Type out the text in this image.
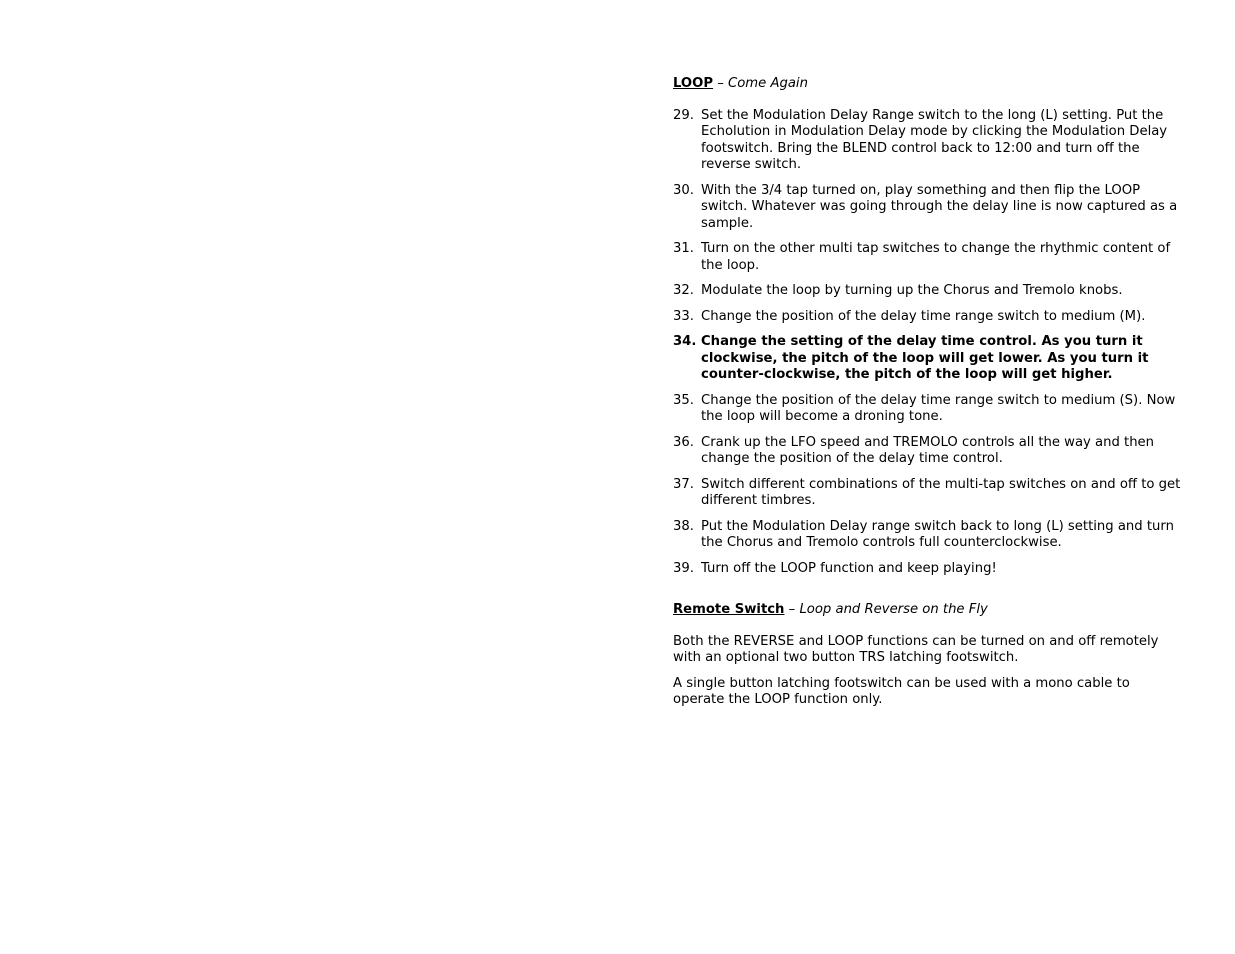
LOOP – Come Again
29. Set the Modulation Delay Range switch to the long (L) setting. Put the Echolution in Modulation Delay mode by clicking the Modulation Delay footswitch. Bring the BLEND control back to 12:00 and turn off the reverse switch.
30. With the 3/4 tap turned on, play something and then flip the LOOP switch. Whatever was going through the delay line is now captured as a sample.
31. Turn on the other multi tap switches to change the rhythmic content of the loop.
32. Modulate the loop by turning up the Chorus and Tremolo knobs.
33. Change the position of the delay time range switch to medium (M).
34. Change the setting of the delay time control. As you turn it clockwise, the pitch of the loop will get lower. As you turn it counter-clockwise, the pitch of the loop will get higher.
35. Change the position of the delay time range switch to medium (S). Now the loop will become a droning tone.
36. Crank up the LFO speed and TREMOLO controls all the way and then change the position of the delay time control.
37. Switch different combinations of the multi-tap switches on and off to get different timbres.
38. Put the Modulation Delay range switch back to long (L) setting and turn the Chorus and Tremolo controls full counterclockwise.
39. Turn off the LOOP function and keep playing!
Remote Switch – Loop and Reverse on the Fly

Both the REVERSE and LOOP functions can be turned on and off remotely with an optional two button TRS latching footswitch.

A single button latching footswitch can be used with a mono cable to operate the LOOP function only.
